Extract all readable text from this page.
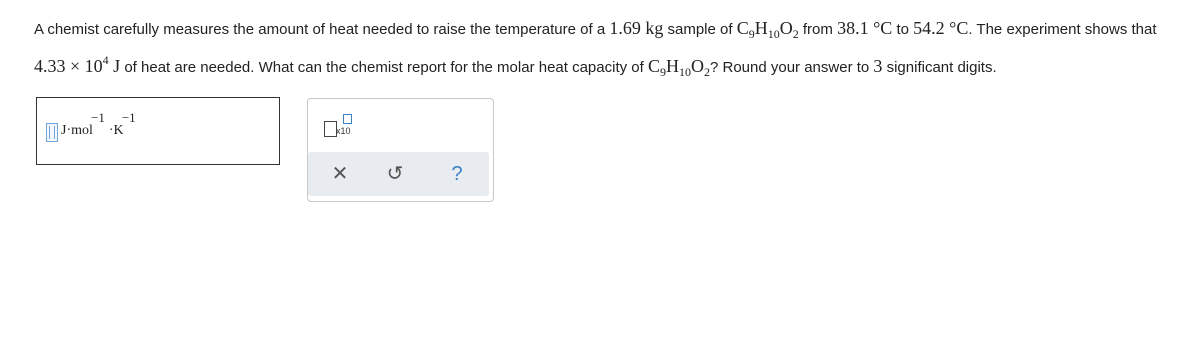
A chemist carefully measures the amount of heat needed to raise the temperature of a 1.69 kg sample of $C_9H_{10}O_2$ from 38.1 °C to 54.2 °C. The experiment shows that $4.33 \times 10^4$ J of heat are needed. What can the chemist report for the molar heat capacity of $C_9H_{10}O_2$? Round your answer to 3 significant digits.
J·mol
−1
·K
−1
x10
✕	↺	?
